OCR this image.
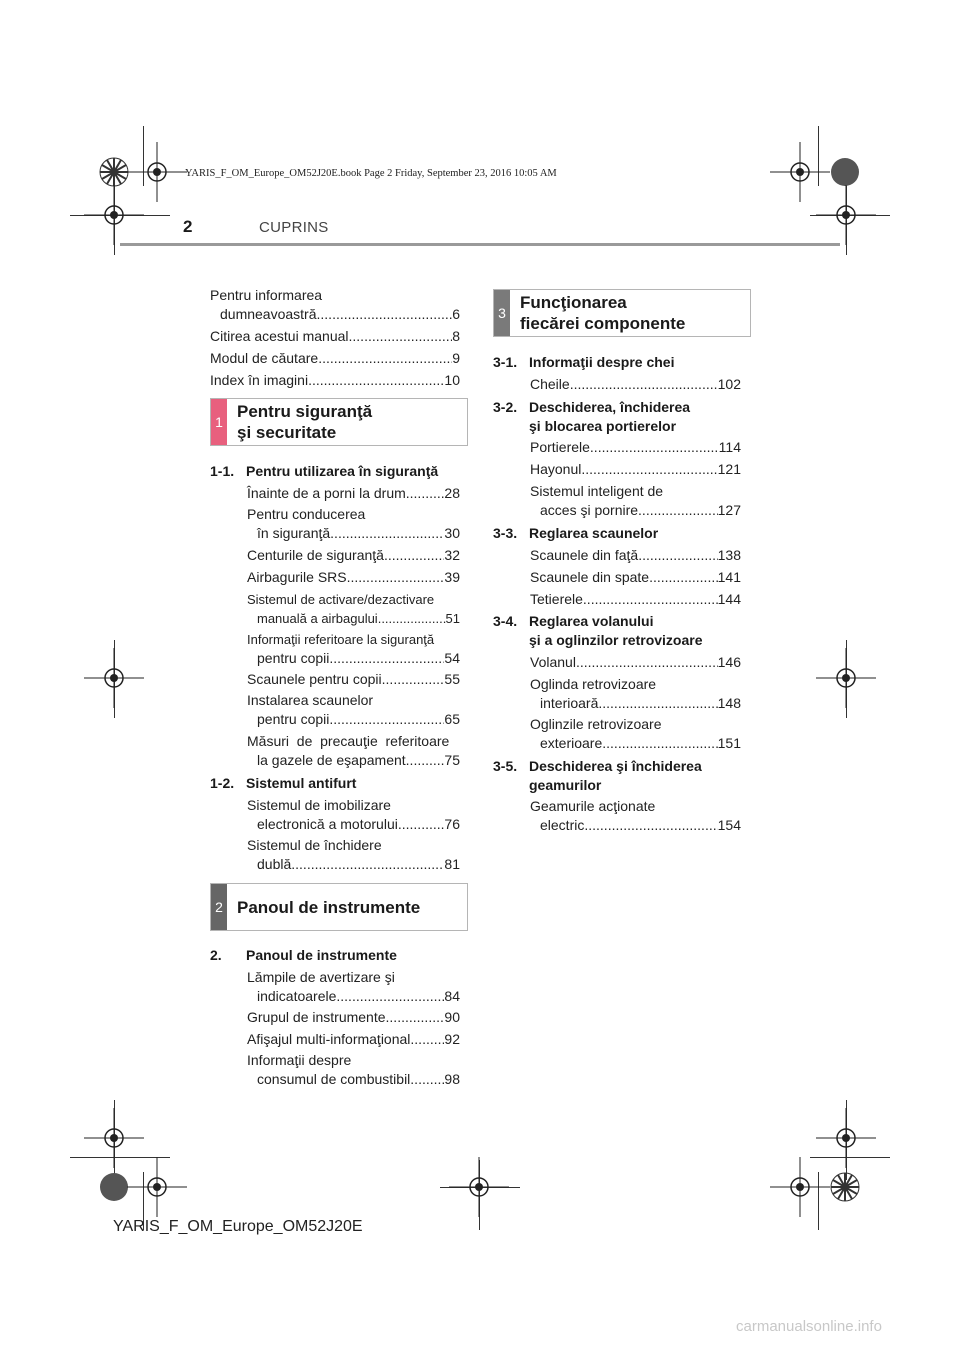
YARIS_F_OM_Europe_OM52J20E.book Page 2 Friday, September 23, 2016 10:05 AM
2	CUPRINS
Pentru informarea
dumneavoastră .....	6
Citirea acestui manual .....	8
Modul de căutare .....	9
Index în imagini .....	10
1
Pentru siguranţă
şi securitate
1-1. Pentru utilizarea în siguranţă
Înainte de a porni la drum .....	28
Pentru conducerea
în siguranţă .....	30
Centurile de siguranţă .....	32
Airbagurile SRS .....	39
Sistemul de activare/dezactivare
manuală a airbagului .....	51
Informaţii referitoare la siguranţă
pentru copii .....	54
Scaunele pentru copii .....	55
Instalarea scaunelor
pentru copii .....	65
Măsuri  de  precauţie  referitoare
la gazele de eşapament .....	75
1-2. Sistemul antifurt
Sistemul de imobilizare
electronică a motorului .....	76
Sistemul de închidere
dublă .....	81
2 Panoul de instrumente
2. Panoul de instrumente
Lămpile de avertizare şi
indicatoarele .....	84
Grupul de instrumente .....	90
Afişajul multi-informaţional ..... 92
Informaţii despre
consumul de combustibil ..... 98
3
Funcţionarea
fiecărei componente
3-1. Informaţii despre chei
Cheile .....	102
3-2. Deschiderea, închiderea
şi blocarea portierelor
Portierele .....	114
Hayonul .....	121
Sistemul inteligent de
acces şi pornire .....	127
3-3. Reglarea scaunelor
Scaunele din faţă .....	138
Scaunele din spate .....	141
Tetierele .....	144
3-4. Reglarea volanului
şi a oglinzilor retrovizoare
Volanul .....	146
Oglinda retrovizoare
interioară .....	148
Oglinzile retrovizoare
exterioare .....	151
3-5. Deschiderea şi închiderea
geamurilor
Geamurile acţionate
electric .....	154
YARIS_F_OM_Europe_OM52J20E
carmanualsonline.info
